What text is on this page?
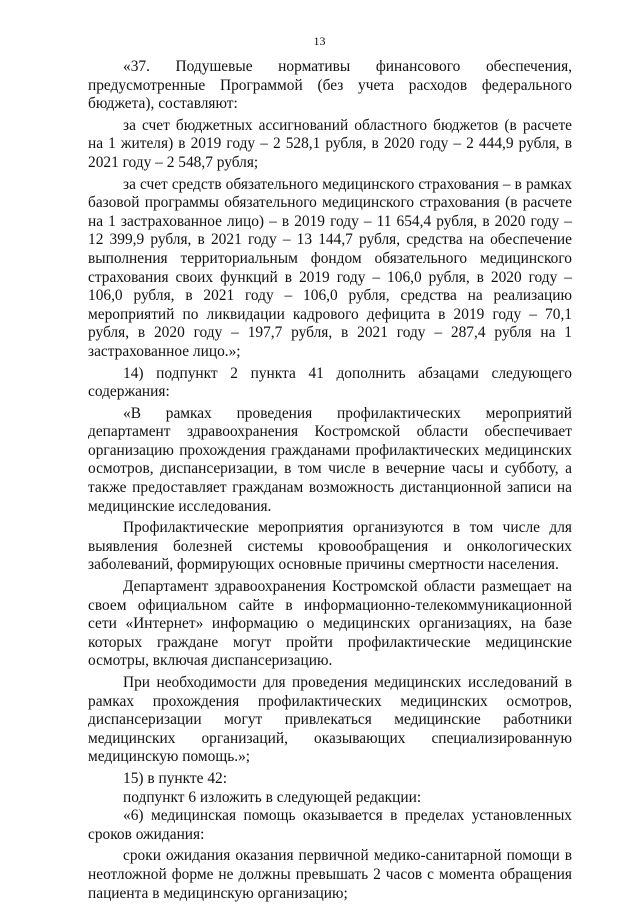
13

«37. Подушевые нормативы финансового обеспечения, предусмотренные Программой (без учета расходов федерального бюджета), составляют:

за счет бюджетных ассигнований областного бюджетов (в расчете на 1 жителя) в 2019 году – 2 528,1 рубля, в 2020 году – 2 444,9 рубля, в 2021 году – 2 548,7 рубля;

за счет средств обязательного медицинского страхования – в рамках базовой программы обязательного медицинского страхования (в расчете на 1 застрахованное лицо) – в 2019 году – 11 654,4 рубля, в 2020 году – 12 399,9 рубля, в 2021 году – 13 144,7 рубля, средства на обеспечение выполнения территориальным фондом обязательного медицинского страхования своих функций в 2019 году – 106,0 рубля, в 2020 году – 106,0 рубля, в 2021 году – 106,0 рубля, средства на реализацию мероприятий по ликвидации кадрового дефицита в 2019 году – 70,1 рубля, в 2020 году – 197,7 рубля, в 2021 году – 287,4 рубля на 1 застрахованное лицо.»;

14) подпункт 2 пункта 41 дополнить абзацами следующего содержания:

«В рамках проведения профилактических мероприятий департамент здравоохранения Костромской области обеспечивает организацию прохождения гражданами профилактических медицинских осмотров, диспансеризации, в том числе в вечерние часы и субботу, а также предоставляет гражданам возможность дистанционной записи на медицинские исследования.

Профилактические мероприятия организуются в том числе для выявления болезней системы кровообращения и онкологических заболеваний, формирующих основные причины смертности населения.

Департамент здравоохранения Костромской области размещает на своем официальном сайте в информационно-телекоммуникационной сети «Интернет» информацию о медицинских организациях, на базе которых граждане могут пройти профилактические медицинские осмотры, включая диспансеризацию.

При необходимости для проведения медицинских исследований в рамках прохождения профилактических медицинских осмотров, диспансеризации могут привлекаться медицинские работники медицинских организаций, оказывающих специализированную медицинскую помощь.»;

15) в пункте 42:

подпункт 6 изложить в следующей редакции:

«6) медицинская помощь оказывается в пределах установленных сроков ожидания:

сроки ожидания оказания первичной медико-санитарной помощи в неотложной форме не должны превышать 2 часов с момента обращения пациента в медицинскую организацию;
